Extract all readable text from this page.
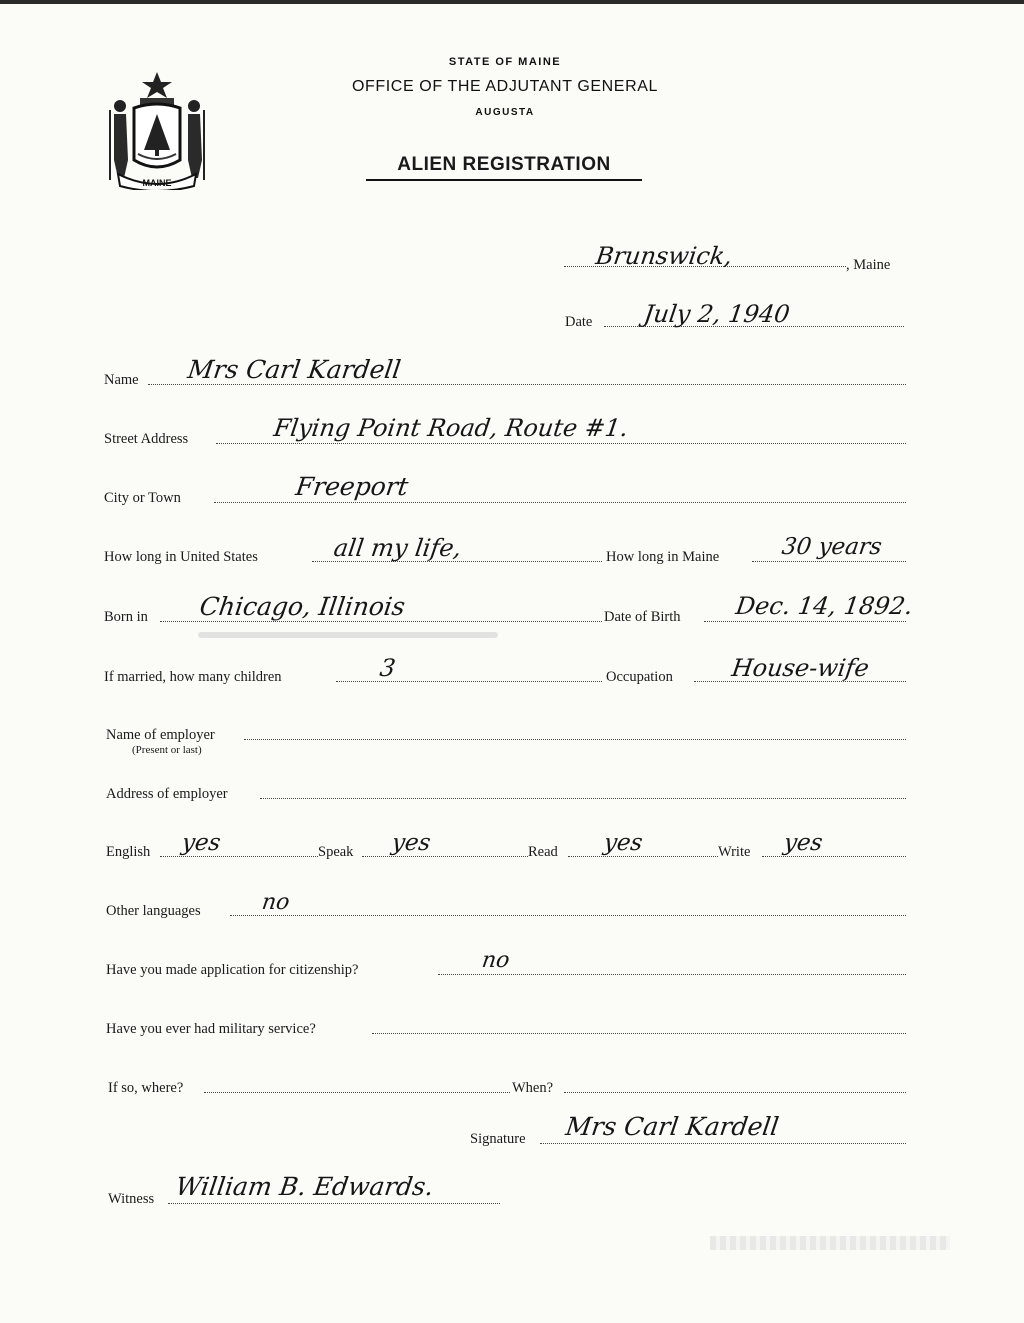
MAINE
STATE OF MAINE
OFFICE OF THE ADJUTANT GENERAL
AUGUSTA
ALIEN REGISTRATION
Brunswick,	, Maine
Date July 2, 1940
Name Mrs Carl Kardell
Street Address	Flying Point Road, Route #1.
City or Town	Freeport
How long in United States	all my life,	How long in Maine	30 years
Born in Chicago, Illinois	Date of Birth Dec. 14, 1892.
If married, how many children	3	Occupation House-wife
Name of employer
(Present or last)
Address of employer
English yes	Speak yes	Read yes	Write yes
Other languages	no
Have you made application for citizenship?	no
Have you ever had military service?
If so, where?	When?
Signature Mrs Carl Kardell
Witness William B. Edwards.
